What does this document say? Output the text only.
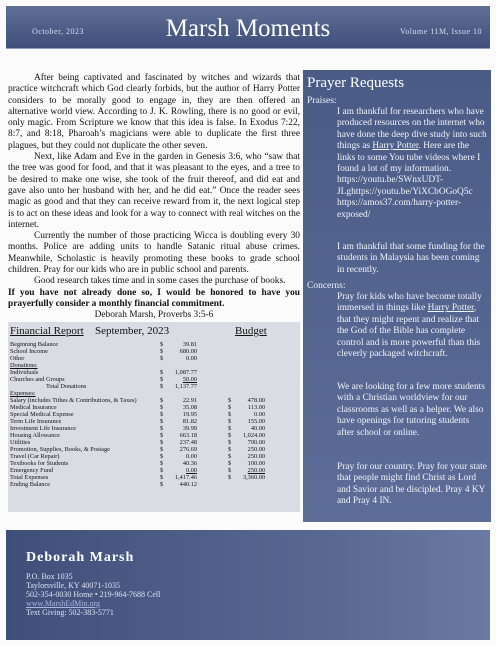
October, 2023	Marsh Moments	Volume 11M, Issue 10

After being captivated and fascinated by witches and wizards that practice witchcraft which God clearly forbids, but the author of Harry Potter considers to be morally good to engage in, they are then offered an alternative world view. According to J. K. Rowling, there is no good or evil, only magic. From Scripture we know that this idea is false. In Exodus 7:22, 8:7, and 8:18, Pharoah’s magicians were able to duplicate the first three plagues, but they could not duplicate the other seven.

Next, like Adam and Eve in the garden in Genesis 3:6, who “saw that the tree was good for food, and that it was pleasant to the eyes, and a tree to be desired to make one wise, she took of the fruit thereof, and did eat and gave also unto her husband with her, and he did eat.” Once the reader sees magic as good and that they can receive reward from it, the next logical step is to act on these ideas and look for a way to connect with real witches on the internet.

Currently the number of those practicing Wicca is doubling every 30 months. Police are adding units to handle Satanic ritual abuse crimes. Meanwhile, Scholastic is heavily promoting these books to grade school children. Pray for our kids who are in public school and parents.

Good research takes time and in some cases the purchase of books.

If you have not already done so, I would be honored to have you prayerfully consider a monthly financial commitment.

Deborah Marsh, Proverbs 3:5-6

Financial Report September, 2023	Budget
Beginning Balance	$	39.81
School Income	$	680.00
Other	$	0.00
Donations:
Individuals	$	1,087.77
Churches and Groups	$	50.00
Total Donations	$	1,137.77
Expenses:
Salary (includes Tithes & Contributions, & Taxes)	$	22.91	$	478.00
Medical Insurance	$	35.08	$	113.00
Special Medical Expense	$	19.95	$	0.00
Term Life Insurance	$	81.82	$	155.00
Investment Life Insurance	$	39.99	$	40.00
Housing Allowance	$	663.18	$	1,024.00
Utilities	$	237.48	$	700.00
Promotion, Supplies, Books, & Postage	$	276.69	$	250.00
Travel (Car Repair)	$	0.00	$	250.00
Textbooks for Students	$	40.36	$	100.00
Emergency Fund	$	0.00	$	250.00
Total Expenses	$	1,417.46	$	3,360.00
Ending Balance	$	440.12
Prayer Requests
Praises:
I am thankful for researchers who have produced resources on the internet who have done the deep dive study into such things as Harry Potter. Here are the links to some You tube videos where I found a lot of my information. https://youtu.be/SWnxUDT-JLghttps://youtu.be/YiXCbOGoQ5c https://amos37.com/harry-potter-exposed/
I am thankful that some funding for the students in Malaysia has been coming in recently.
Concerns:
Pray for kids who have become totally immersed in things like Harry Potter, that they might repent and realize that the God of the Bible has complete control and is more powerful than this cleverly packaged witchcraft.
We are looking for a few more students with a Christian worldview for our classrooms as well as a helper. We also have openings for tutoring students after school or online.
Pray for our country. Pray for your state that people might find Christ as Lord and Savior and be discipled. Pray 4 KY and Pray 4 IN.
Deborah Marsh
P.O. Box 1035
Taylorsville, KY 40071-1035
502-354-0030 Home • 219-964-7688 Cell
www.MarshEdMin.org
Text Giving: 502-383-5771
